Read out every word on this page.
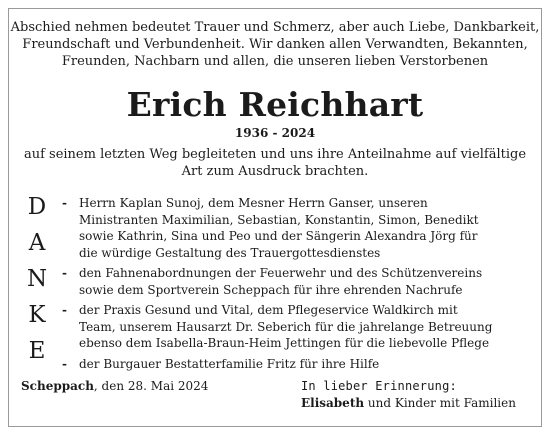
Abschied nehmen bedeutet Trauer und Schmerz, aber auch Liebe, Dankbarkeit,
Freundschaft und Verbundenheit. Wir danken allen Verwandten, Bekannten,
Freunden, Nachbarn und allen, die unseren lieben Verstorbenen
Erich Reichhart
1936 - 2024
auf seinem letzten Weg begleiteten und uns ihre Anteilnahme auf vielfältige
Art zum Ausdruck brachten.
D
A
N
K
E
- Herrn Kaplan Sunoj, dem Mesner Herrn Ganser, unseren
Ministranten Maximilian, Sebastian, Konstantin, Simon, Benedikt
sowie Kathrin, Sina und Peo und der Sängerin Alexandra Jörg für
die würdige Gestaltung des Trauergottesdienstes
- den Fahnenabordnungen der Feuerwehr und des Schützenvereins
sowie dem Sportverein Scheppach für ihre ehrenden Nachrufe
- der Praxis Gesund und Vital, dem Pflegeservice Waldkirch mit
Team, unserem Hausarzt Dr. Seberich für die jahrelange Betreuung
ebenso dem Isabella-Braun-Heim Jettingen für die liebevolle Pflege
- der Burgauer Bestatterfamilie Fritz für ihre Hilfe
Scheppach, den 28. Mai 2024	In lieber Erinnerung:
Elisabeth und Kinder mit Familien
